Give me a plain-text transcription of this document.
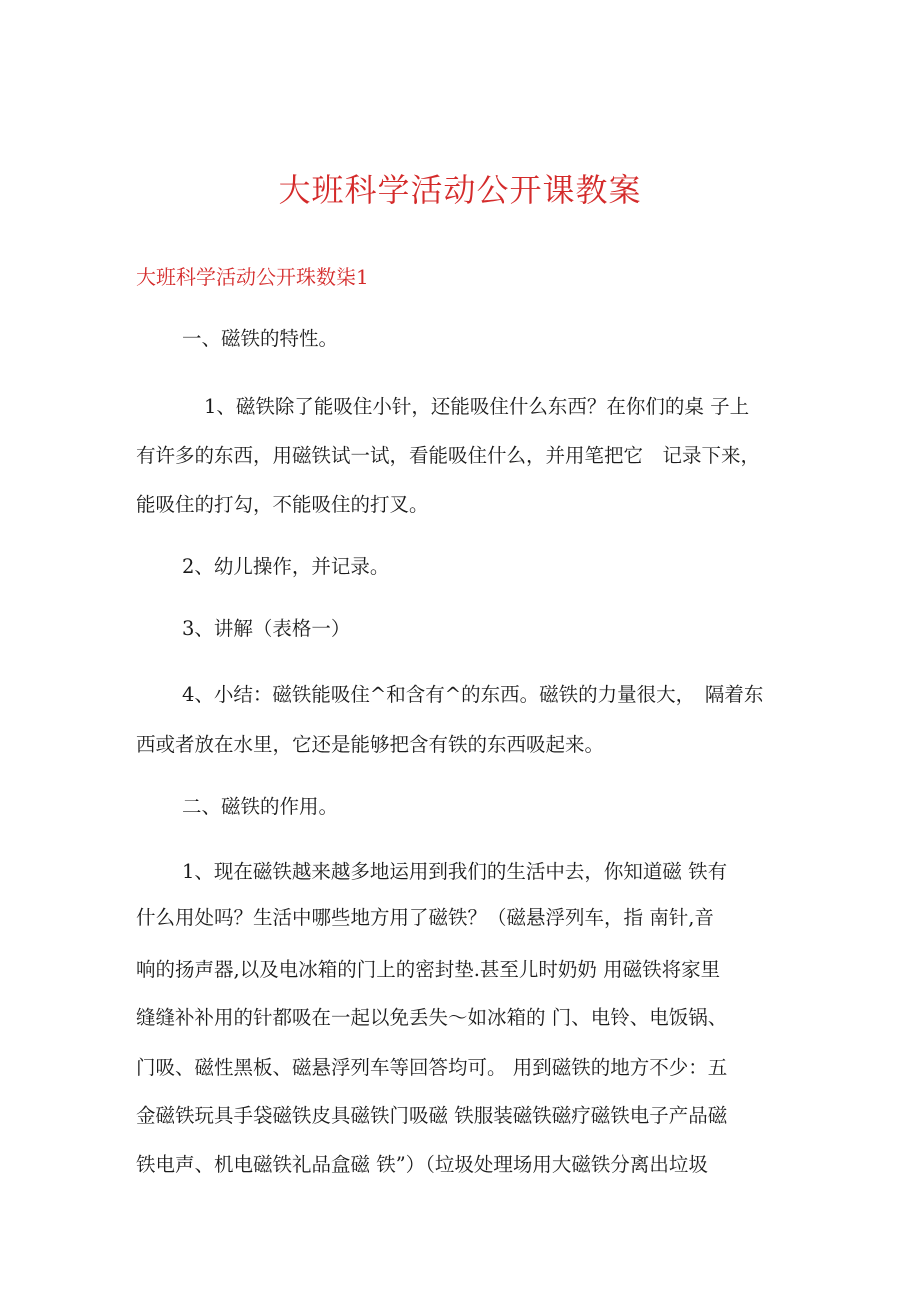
大班科学活动公开课教案
大班科学活动公开珠数柒1
一、磁铁的特性。
1、磁铁除了能吸住小针，还能吸住什么东西？在你们的桌 子上
有许多的东西，用磁铁试一试，看能吸住什么，并用笔把它　记录下来，
能吸住的打勾，不能吸住的打叉。
2、幼儿操作，并记录。
3、讲解（表格一）
4、小结：磁铁能吸住^和含有^的东西。磁铁的力量很大，　隔着东
西或者放在水里，它还是能够把含有铁的东西吸起来。
二、磁铁的作用。
1、现在磁铁越来越多地运用到我们的生活中去，你知道磁 铁有
什么用处吗？生活中哪些地方用了磁铁？（磁悬浮列车，指 南针,音
响的扬声器,以及电冰箱的门上的密封垫.甚至儿时奶奶 用磁铁将家里
缝缝补补用的针都吸在一起以免丢失～如冰箱的 门、电铃、电饭锅、
门吸、磁性黑板、磁悬浮列车等回答均可。 用到磁铁的地方不少：五
金磁铁玩具手袋磁铁皮具磁铁门吸磁 铁服装磁铁磁疗磁铁电子产品磁
铁电声、机电磁铁礼品盒磁 铁”）（垃圾处理场用大磁铁分离出垃圾
